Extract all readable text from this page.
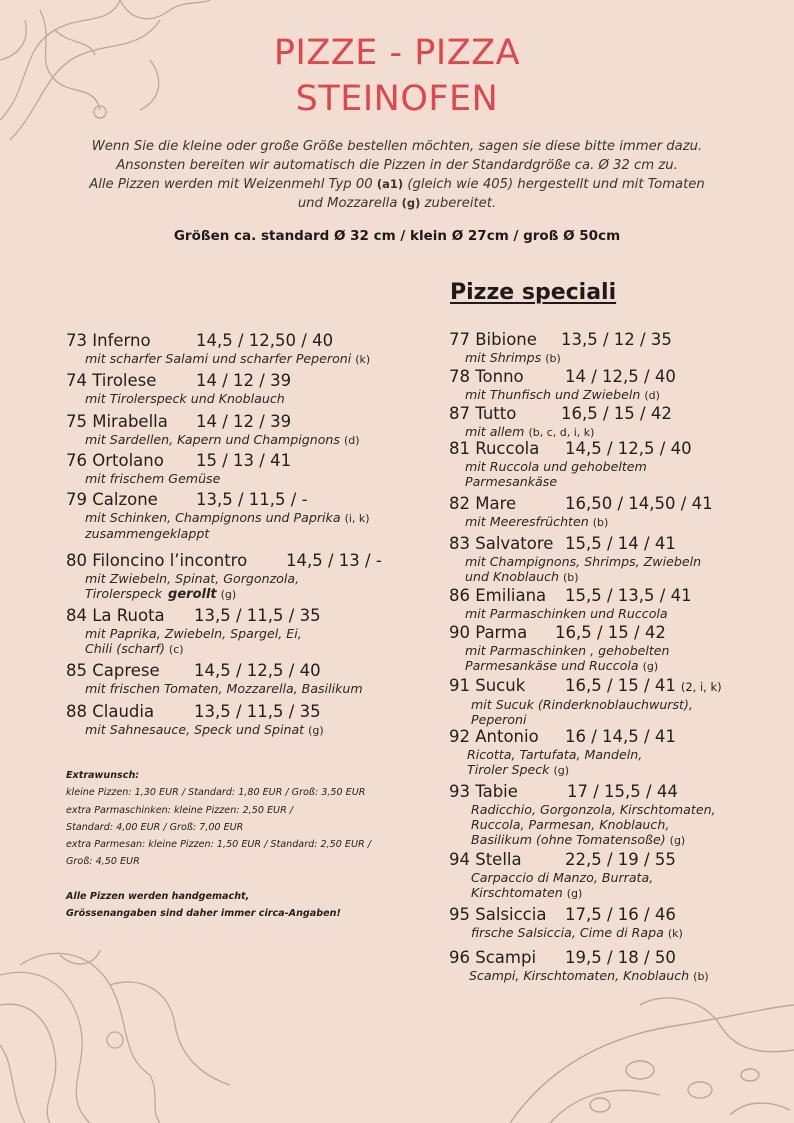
PIZZE - PIZZA
STEINOFEN
Wenn Sie die kleine oder große Größe bestellen möchten, sagen sie diese bitte immer dazu.
Ansonsten bereiten wir automatisch die Pizzen in der Standardgröße ca. Ø 32 cm zu.
Alle Pizzen werden mit Weizenmehl Typ 00 (a1) (gleich wie 405) hergestellt und mit Tomaten
und Mozzarella (g) zubereitet.
Größen ca. standard Ø 32 cm / klein Ø 27cm / groß Ø 50cm
Pizze speciali
73 Inferno	14,5 / 12,50 / 40
mit scharfer Salami und scharfer Peperoni (k)
74 Tirolese 14 / 12 / 39
mit Tirolerspeck und Knoblauch
75 Mirabella 14 / 12 / 39
mit Sardellen, Kapern und Champignons (d)
76 Ortolano 15 / 13 / 41
mit frischem Gemüse
79 Calzone 13,5 / 11,5 / -
mit Schinken, Champignons und Paprika (i, k)
zusammengeklappt
80 Filoncino l’incontro 14,5 / 13 / -
mit Zwiebeln, Spinat, Gorgonzola,
Tirolerspeck gerollt (g)
84 La Ruota 13,5 / 11,5 / 35
mit Paprika, Zwiebeln, Spargel, Ei,
Chili (scharf) (c)
85 Caprese 14,5 / 12,5 / 40
mit frischen Tomaten, Mozzarella, Basilikum
88 Claudia 13,5 / 11,5 / 35
mit Sahnesauce, Speck und Spinat (g)
77 Bibione 13,5 / 12 / 35
mit Shrimps (b)
78 Tonno	14 / 12,5 / 40
mit Thunfisch und Zwiebeln (d)
87 Tutto	16,5 / 15 / 42
mit allem (b, c, d, i, k)
81 Ruccola 14,5 / 12,5 / 40
mit Ruccola und gehobeltem
Parmesankäse
82 Mare	16,50 / 14,50 / 41
mit Meeresfrüchten (b)
83 Salvatore 15,5 / 14 / 41
mit Champignons, Shrimps, Zwiebeln
und Knoblauch (b)
86 Emiliana 15,5 / 13,5 / 41
mit Parmaschinken und Ruccola
90 Parma 16,5 / 15 / 42
mit Parmaschinken , gehobelten
Parmesankäse und Ruccola (g)
91 Sucuk 16,5 / 15 / 41 (2, i, k)
mit Sucuk (Rinderknoblauchwurst),
Peperoni
92 Antonio 16 / 14,5 / 41
Ricotta, Tartufata, Mandeln,
Tiroler Speck (g)
93 Tabie	17 / 15,5 / 44
Radicchio, Gorgonzola, Kirschtomaten,
Ruccola, Parmesan, Knoblauch,
Basilikum (ohne Tomatensoße) (g)
94 Stella	22,5 / 19 / 55
Carpaccio di Manzo, Burrata,
Kirschtomaten (g)
95 Salsiccia 17,5 / 16 / 46
firsche Salsiccia, Cime di Rapa (k)
96 Scampi 19,5 / 18 / 50
Scampi, Kirschtomaten, Knoblauch (b)
Extrawunsch:
kleine Pizzen: 1,30 EUR / Standard: 1,80 EUR / Groß: 3,50 EUR
extra Parmaschinken: kleine Pizzen: 2,50 EUR /
Standard: 4,00 EUR / Groß: 7,00 EUR
extra Parmesan: kleine Pizzen: 1,50 EUR / Standard: 2,50 EUR /
Groß: 4,50 EUR
Alle Pizzen werden handgemacht,
Grössenangaben sind daher immer circa-Angaben!
